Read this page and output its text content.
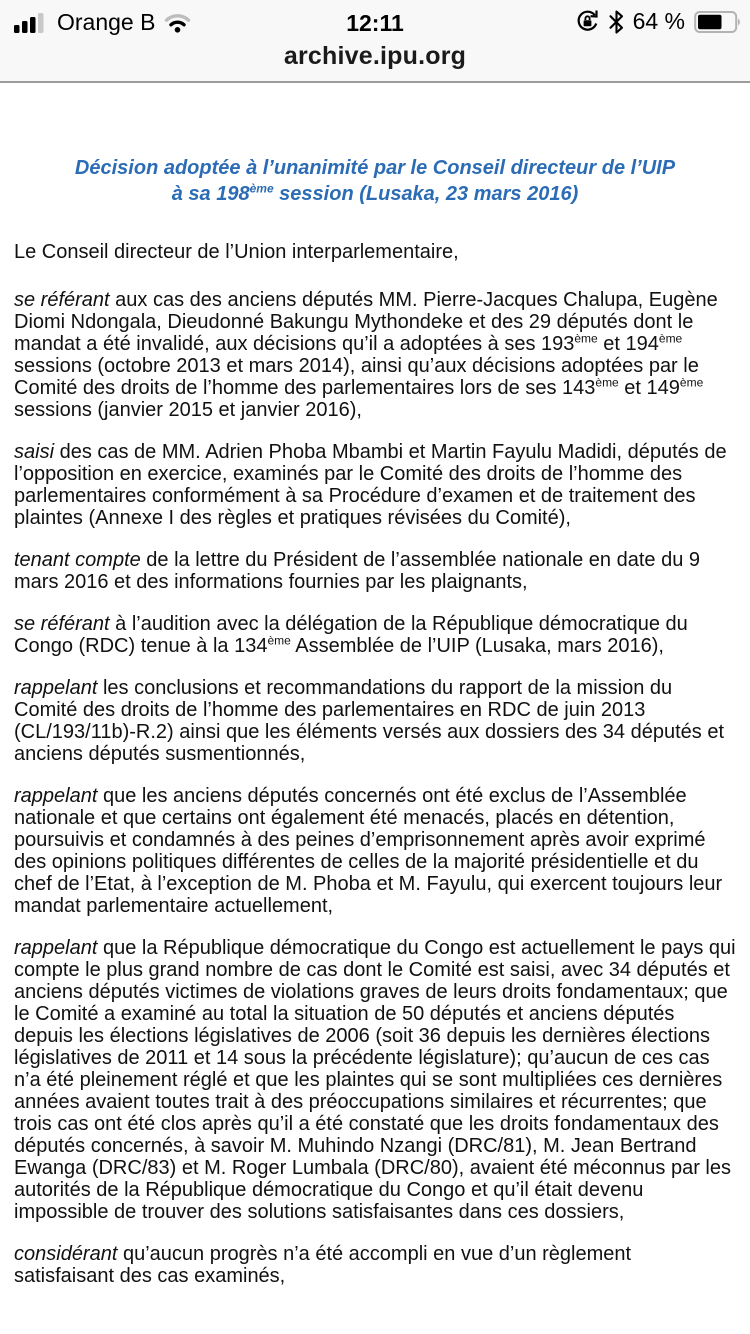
Orange B	12:11	64 %
archive.ipu.org
Décision adoptée à l’unanimité par le Conseil directeur de l’UIP
à sa 198ème session (Lusaka, 23 mars 2016)

Le Conseil directeur de l’Union interparlementaire,

se référant aux cas des anciens députés MM. Pierre-Jacques Chalupa, Eugène Diomi Ndongala, Dieudonné Bakungu Mythondeke et des 29 députés dont le mandat a été invalidé, aux décisions qu’il a adoptées à ses 193ème et 194ème sessions (octobre 2013 et mars 2014), ainsi qu’aux décisions adoptées par le Comité des droits de l’homme des parlementaires lors de ses 143ème et 149ème sessions (janvier 2015 et janvier 2016),

saisi des cas de MM. Adrien Phoba Mbambi et Martin Fayulu Madidi, députés de l’opposition en exercice, examinés par le Comité des droits de l’homme des parlementaires conformément à sa Procédure d’examen et de traitement des plaintes (Annexe I des règles et pratiques révisées du Comité),

tenant compte de la lettre du Président de l’assemblée nationale en date du 9 mars 2016 et des informations fournies par les plaignants,

se référant à l’audition avec la délégation de la République démocratique du Congo (RDC) tenue à la 134ème Assemblée de l’UIP (Lusaka, mars 2016),

rappelant les conclusions et recommandations du rapport de la mission du Comité des droits de l’homme des parlementaires en RDC de juin 2013 (CL/193/11b)-R.2) ainsi que les éléments versés aux dossiers des 34 députés et anciens députés susmentionnés,

rappelant que les anciens députés concernés ont été exclus de l’Assemblée nationale et que certains ont également été menacés, placés en détention, poursuivis et condamnés à des peines d’emprisonnement après avoir exprimé des opinions politiques différentes de celles de la majorité présidentielle et du chef de l’Etat, à l’exception de M. Phoba et M. Fayulu, qui exercent toujours leur mandat parlementaire actuellement,

rappelant que la République démocratique du Congo est actuellement le pays qui compte le plus grand nombre de cas dont le Comité est saisi, avec 34 députés et anciens députés victimes de violations graves de leurs droits fondamentaux; que le Comité a examiné au total la situation de 50 députés et anciens députés depuis les élections législatives de 2006 (soit 36 depuis les dernières élections législatives de 2011 et 14 sous la précédente législature); qu’aucun de ces cas n’a été pleinement réglé et que les plaintes qui se sont multipliées ces dernières années avaient toutes trait à des préoccupations similaires et récurrentes; que trois cas ont été clos après qu’il a été constaté que les droits fondamentaux des députés concernés, à savoir M. Muhindo Nzangi (DRC/81), M. Jean Bertrand Ewanga (DRC/83) et M. Roger Lumbala (DRC/80), avaient été méconnus par les autorités de la République démocratique du Congo et qu’il était devenu impossible de trouver des solutions satisfaisantes dans ces dossiers,

considérant qu’aucun progrès n’a été accompli en vue d’un règlement satisfaisant des cas examinés,
